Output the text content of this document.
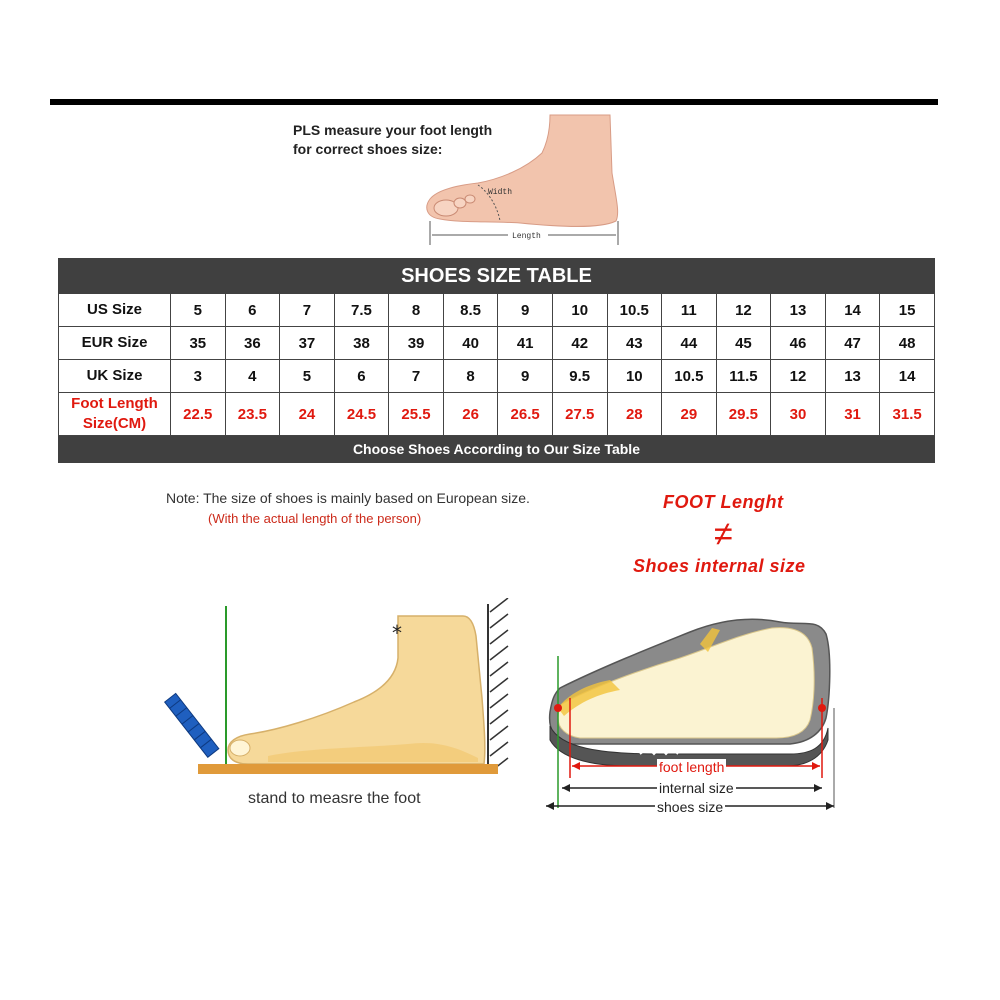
PLS measure your foot length
for correct shoes size:
Width
Length
SHOES SIZE TABLE														
US Size	5	6	7	7.5	8	8.5	9	10	10.5	11	12	13	14	15
EUR Size	35	36	37	38	39	40	41	42	43	44	45	46	47	48
UK Size	3	4	5	6	7	8	9	9.5	10	10.5	11.5	12	13	14

Foot Length
Size(CM)	22.5	23.5	24	24.5	25.5	26	26.5	27.5	28	29	29.5	30	31	31.5
Choose Shoes According to Our Size Table														
Note: The size of shoes is mainly based on European size.
(With the actual length of the person)
FOOT Lenght
≠
Shoes internal size
*
stand to measre the foot
foot length
internal size
shoes size
